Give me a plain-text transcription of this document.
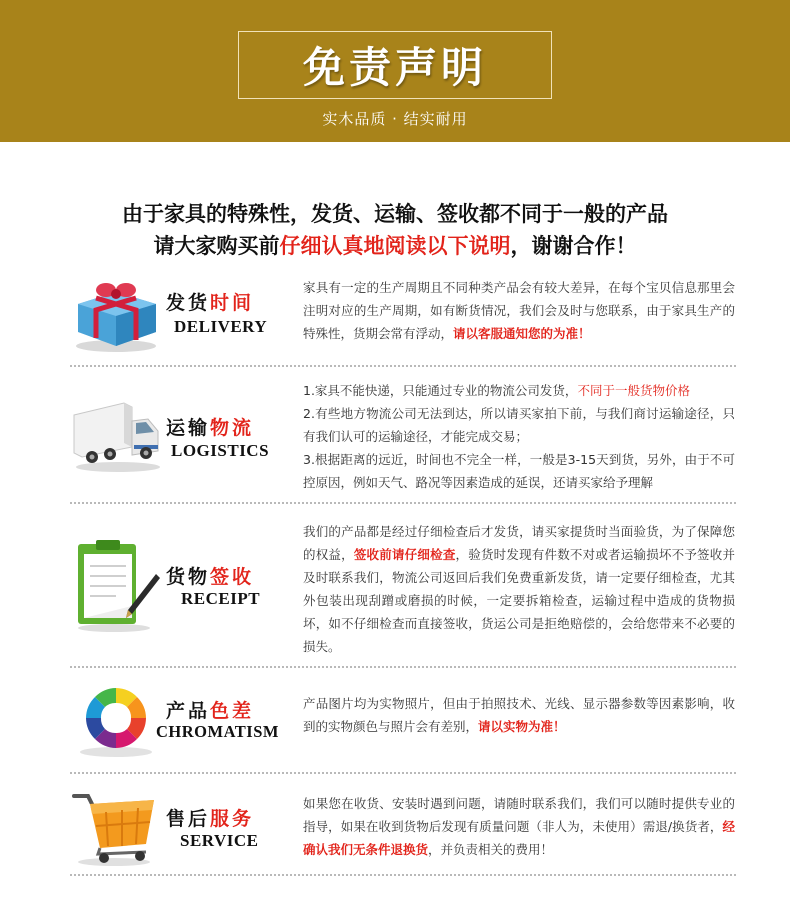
免责声明
实木品质 · 结实耐用
由于家具的特殊性，发货、运输、签收都不同于一般的产品
请大家购买前仔细认真地阅读以下说明，谢谢合作！
发货时间
DELIVERY
家具有一定的生产周期且不同种类产品会有较大差异，在每个宝贝信息那里会注明对应的生产周期，如有断货情况，我们会及时与您联系，由于家具生产的特殊性，货期会常有浮动，请以客服通知您的为准！
运输物流
LOGISTICS

1.家具不能快递，只能通过专业的物流公司发货，不同于一般货物价格

2.有些地方物流公司无法到达，所以请买家拍下前，与我们商讨运输途径，只有我们认可的运输途径，才能完成交易；

3.根据距离的远近，时间也不完全一样，一般是3-15天到货，另外，由于不可控原因，例如天气、路况等因素造成的延误，还请买家给予理解

货物签收
RECEIPT
我们的产品都是经过仔细检查后才发货，请买家提货时当面验货，为了保障您的权益，签收前请仔细检查，验货时发现有件数不对或者运输损坏不予签收并及时联系我们，物流公司返回后我们免费重新发货，请一定要仔细检查，尤其外包装出现刮蹭或磨损的时候，一定要拆箱检查，运输过程中造成的货物损坏，如不仔细检查而直接签收，货运公司是拒绝赔偿的，会给您带来不必要的损失。
产品色差
CHROMATISM
产品图片均为实物照片，但由于拍照技术、光线、显示器参数等因素影响，收到的实物颜色与照片会有差别，请以实物为准！
售后服务
SERVICE
如果您在收货、安装时遇到问题，请随时联系我们，我们可以随时提供专业的指导，如果在收到货物后发现有质量问题（非人为，未使用）需退/换货者，经确认我们无条件退换货，并负责相关的费用！
